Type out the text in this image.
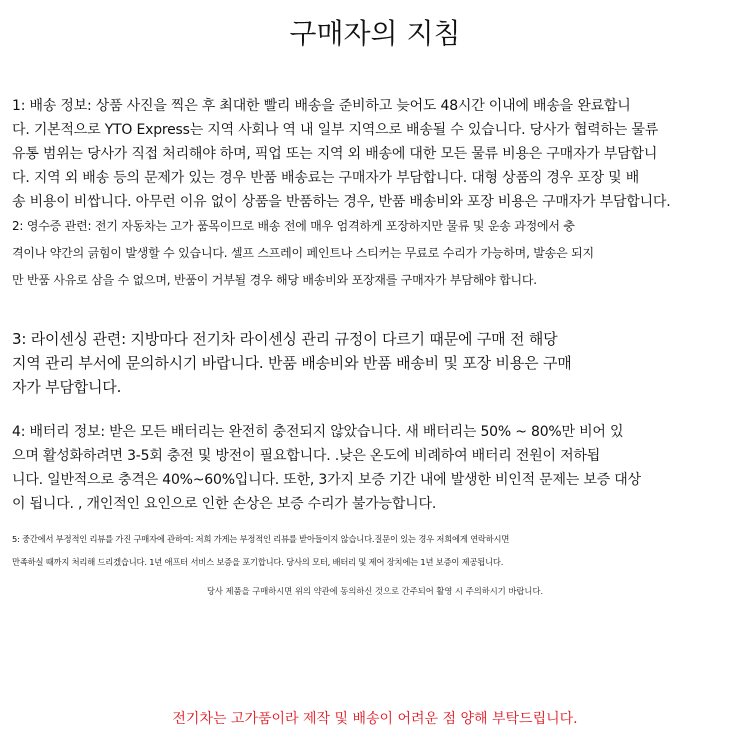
구매자의 지침
1: 배송 정보: 상품 사진을 찍은 후 최대한 빨리 배송을 준비하고 늦어도 48시간 이내에 배송을 완료합니
다. 기본적으로 YTO Express는 지역 사회나 역 내 일부 지역으로 배송될 수 있습니다. 당사가 협력하는 물류
유통 범위는 당사가 직접 처리해야 하며, 픽업 또는 지역 외 배송에 대한 모든 물류 비용은 구매자가 부담합니
다. 지역 외 배송 등의 문제가 있는 경우 반품 배송료는 구매자가 부담합니다. 대형 상품의 경우 포장 및 배
송 비용이 비쌉니다. 아무런 이유 없이 상품을 반품하는 경우, 반품 배송비와 포장 비용은 구매자가 부담합니다.
2: 영수증 관련: 전기 자동차는 고가 품목이므로 배송 전에 매우 엄격하게 포장하지만 물류 및 운송 과정에서 충
격이나 약간의 긁힘이 발생할 수 있습니다. 셀프 스프레이 페인트나 스티커는 무료로 수리가 가능하며, 발송은 되지
만 반품 사유로 삼을 수 없으며, 반품이 거부될 경우 해당 배송비와 포장재를 구매자가 부담해야 합니다.
3: 라이센싱 관련: 지방마다 전기차 라이센싱 관리 규정이 다르기 때문에 구매 전 해당
지역 관리 부서에 문의하시기 바랍니다. 반품 배송비와 반품 배송비 및 포장 비용은 구매
자가 부담합니다.
4: 배터리 정보: 받은 모든 배터리는 완전히 충전되지 않았습니다. 새 배터리는 50% ~ 80%만 비어 있
으며 활성화하려면 3-5회 충전 및 방전이 필요합니다. .낮은 온도에 비례하여 배터리 전원이 저하됩
니다. 일반적으로 충격은 40%~60%입니다. 또한, 3가지 보증 기간 내에 발생한 비인적 문제는 보증 대상
이 됩니다. , 개인적인 요인으로 인한 손상은 보증 수리가 불가능합니다.
5: 중간에서 부정적인 리뷰를 가진 구매자에 관하여: 저희 가게는 부정적인 리뷰를 받아들이지 않습니다.질문이 있는 경우 저희에게 연락하시면
만족하실 때까지 처리해 드리겠습니다. 1년 애프터 서비스 보증을 포기합니다. 당사의 모터, 배터리 및 제어 장치에는 1년 보증이 제공됩니다.
당사 제품을 구매하시면 위의 약관에 동의하신 것으로 간주되어 활영 시 주의하시기 바랍니다.
전기차는 고가품이라 제작 및 배송이 어려운 점 양해 부탁드립니다.
